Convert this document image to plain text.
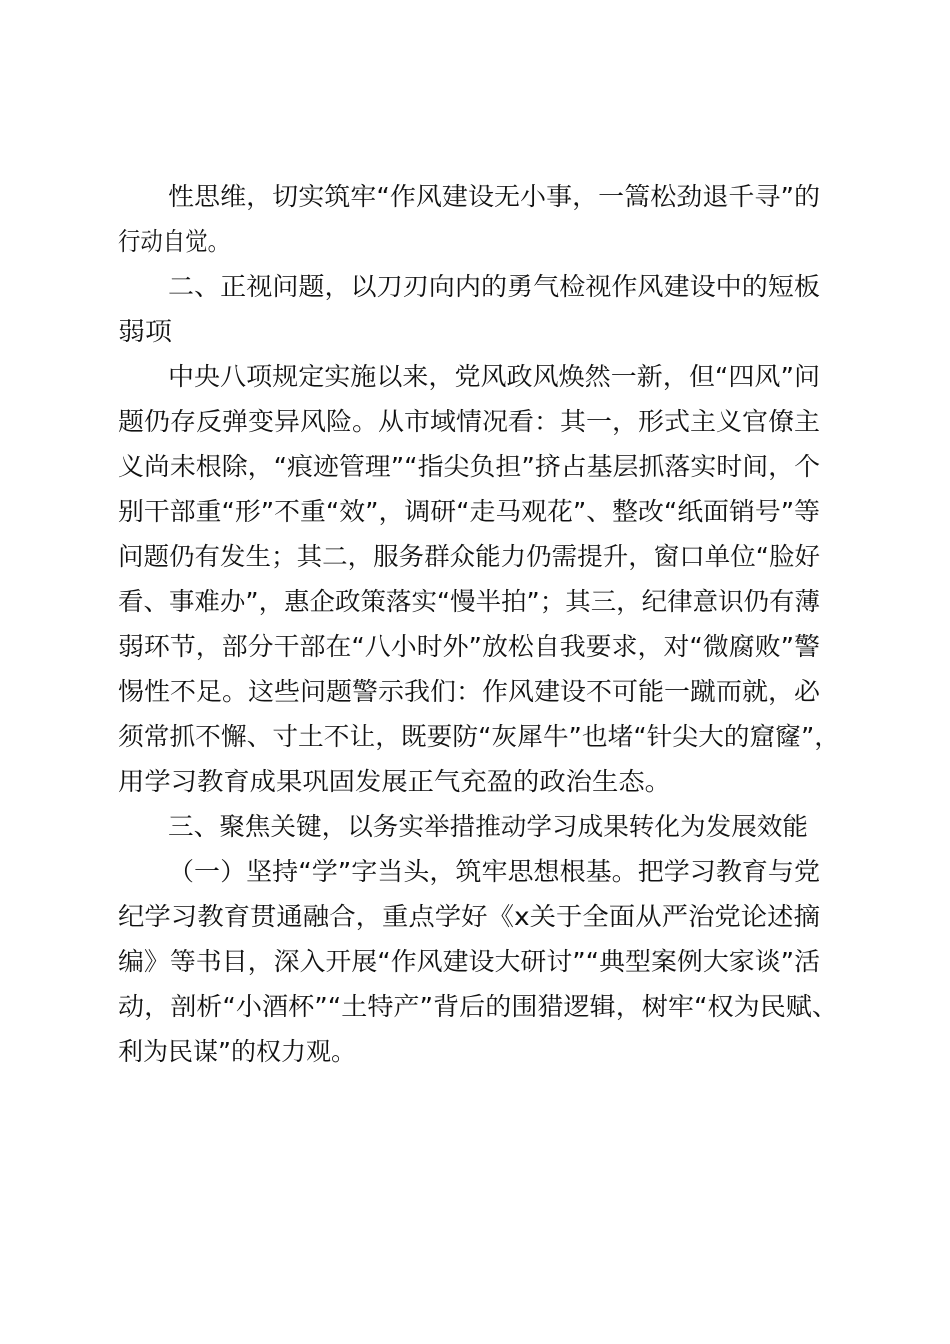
性思维，切实筑牢“作风建设无小事，一篙松劲退千寻”的
行动自觉。
二、正视问题，以刀刃向内的勇气检视作风建设中的短板
弱项
中央八项规定实施以来，党风政风焕然一新，但“四风”问
题仍存反弹变异风险。从市域情况看：其一，形式主义官僚主
义尚未根除，“痕迹管理”“指尖负担”挤占基层抓落实时间，个
别干部重“形”不重“效”，调研“走马观花”、整改“纸面销号”等
问题仍有发生；其二，服务群众能力仍需提升，窗口单位“脸好
看、事难办”，惠企政策落实“慢半拍”；其三，纪律意识仍有薄
弱环节，部分干部在“八小时外”放松自我要求，对“微腐败”警
惕性不足。这些问题警示我们：作风建设不可能一蹴而就，必
须常抓不懈、寸土不让，既要防“灰犀牛”也堵“针尖大的窟窿”，
用学习教育成果巩固发展正气充盈的政治生态。
三、聚焦关键，以务实举措推动学习成果转化为发展效能
（一）坚持“学”字当头，筑牢思想根基。把学习教育与党
纪学习教育贯通融合，重点学好《x关于全面从严治党论述摘
编》等书目，深入开展“作风建设大研讨”“典型案例大家谈”活
动，剖析“小酒杯”“土特产”背后的围猎逻辑，树牢“权为民赋、
利为民谋”的权力观。
